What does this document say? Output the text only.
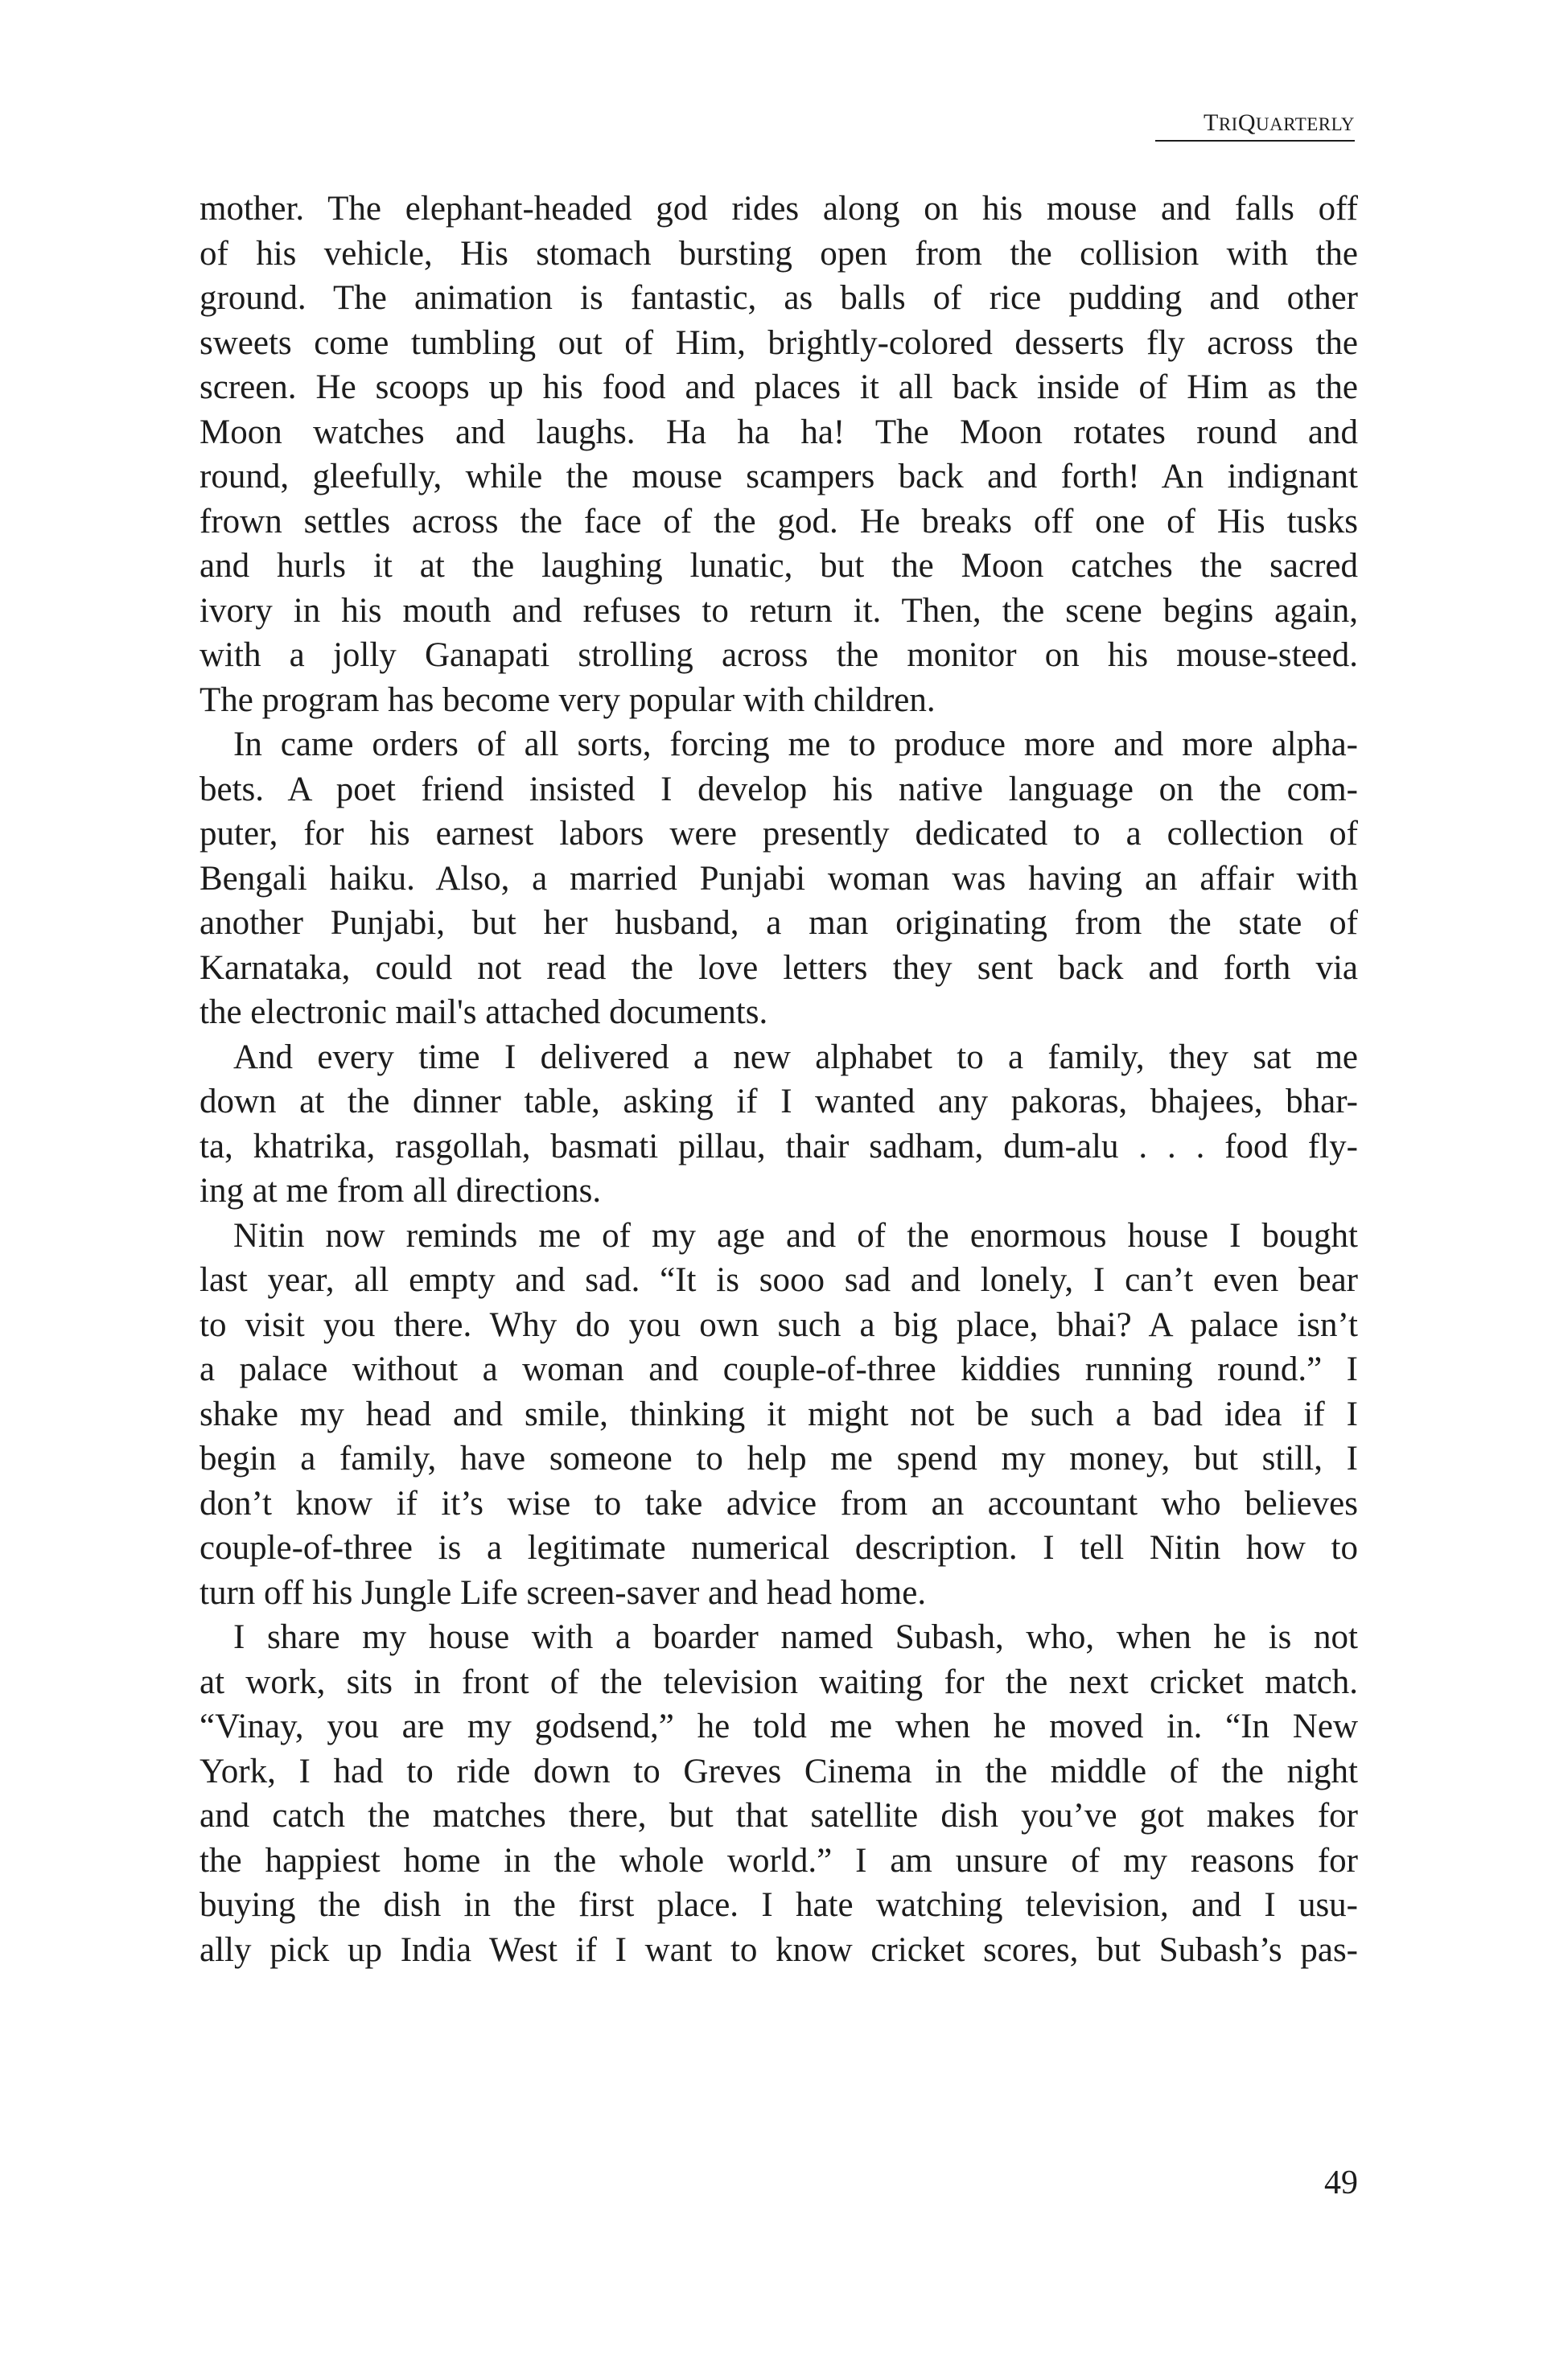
TRIQUARTERLY
mother. The elephant-headed god rides along on his mouse and falls off
of his vehicle, His stomach bursting open from the collision with the
ground. The animation is fantastic, as balls of rice pudding and other
sweets come tumbling out of Him, brightly-colored desserts fly across the
screen. He scoops up his food and places it all back inside of Him as the
Moon watches and laughs. Ha ha ha! The Moon rotates round and
round, gleefully, while the mouse scampers back and forth! An indignant
frown settles across the face of the god. He breaks off one of His tusks
and hurls it at the laughing lunatic, but the Moon catches the sacred
ivory in his mouth and refuses to return it. Then, the scene begins again,
with a jolly Ganapati strolling across the monitor on his mouse-steed.
The program has become very popular with children.
In came orders of all sorts, forcing me to produce more and more alpha-
bets. A poet friend insisted I develop his native language on the com-
puter, for his earnest labors were presently dedicated to a collection of
Bengali haiku. Also, a married Punjabi woman was having an affair with
another Punjabi, but her husband, a man originating from the state of
Karnataka, could not read the love letters they sent back and forth via
the electronic mail's attached documents.
And every time I delivered a new alphabet to a family, they sat me
down at the dinner table, asking if I wanted any pakoras, bhajees, bhar-
ta, khatrika, rasgollah, basmati pillau, thair sadham, dum-alu . . . food fly-
ing at me from all directions.
Nitin now reminds me of my age and of the enormous house I bought
last year, all empty and sad. “It is sooo sad and lonely, I can’t even bear
to visit you there. Why do you own such a big place, bhai? A palace isn’t
a palace without a woman and couple-of-three kiddies running round.” I
shake my head and smile, thinking it might not be such a bad idea if I
begin a family, have someone to help me spend my money, but still, I
don’t know if it’s wise to take advice from an accountant who believes
couple-of-three is a legitimate numerical description. I tell Nitin how to
turn off his Jungle Life screen-saver and head home.
I share my house with a boarder named Subash, who, when he is not
at work, sits in front of the television waiting for the next cricket match.
“Vinay, you are my godsend,” he told me when he moved in. “In New
York, I had to ride down to Greves Cinema in the middle of the night
and catch the matches there, but that satellite dish you’ve got makes for
the happiest home in the whole world.” I am unsure of my reasons for
buying the dish in the first place. I hate watching television, and I usu-
ally pick up India West if I want to know cricket scores, but Subash’s pas-
49
